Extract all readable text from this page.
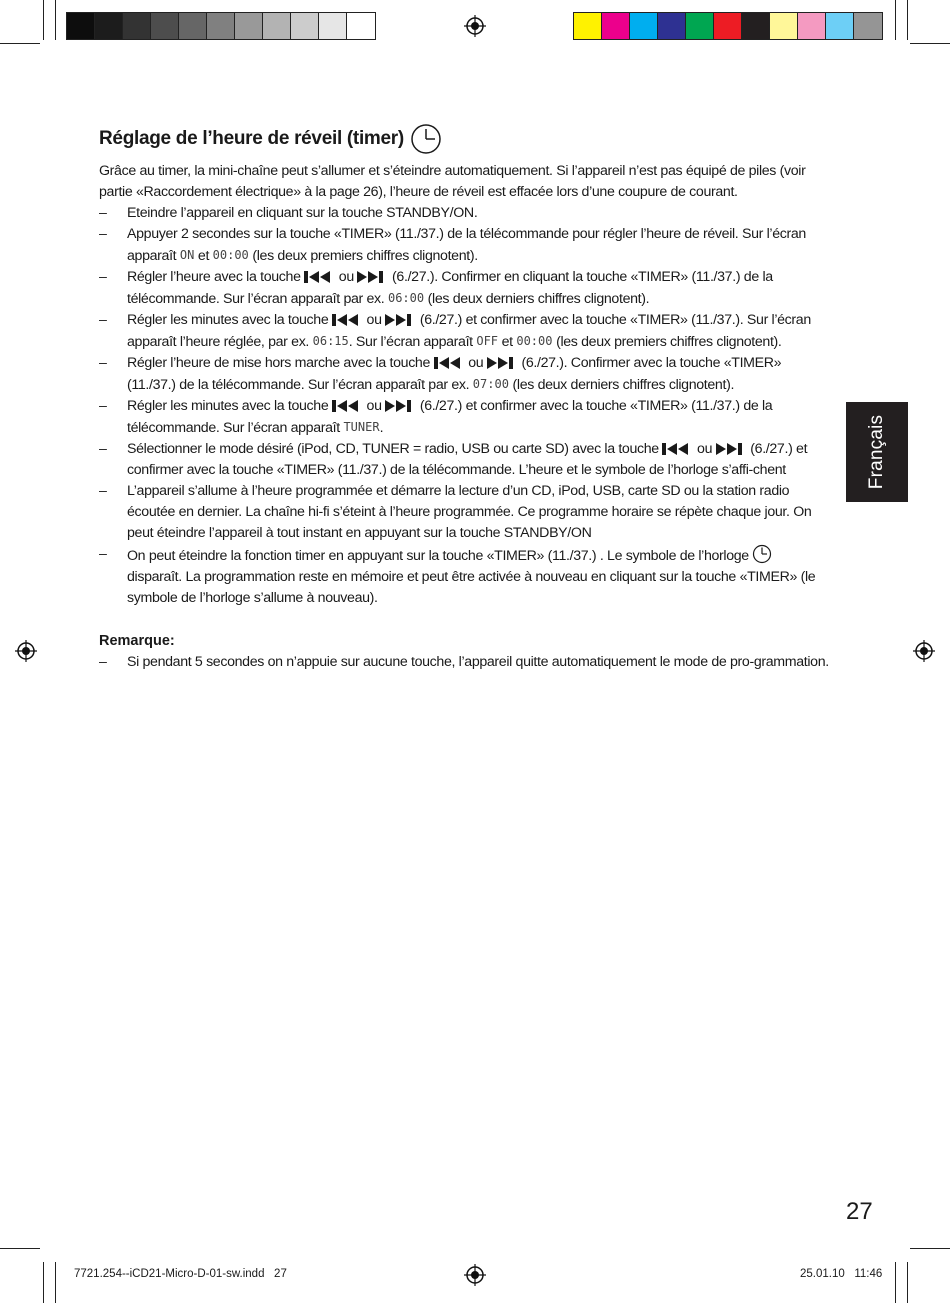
Réglage de l’heure de réveil (timer)

Grâce au timer, la mini-chaîne peut s’allumer et s’éteindre automatiquement. Si l’appareil n’est pas équipé de piles (voir partie «Raccordement électrique» à la page 26), l’heure de réveil est effacée lors d’une coupure de courant.

– Eteindre l’appareil en cliquant sur la touche STANDBY/ON.
– Appuyer 2 secondes sur la touche «TIMER» (11./37.) de la télécommande pour régler l’heure de réveil. Sur l’écran apparaît ON et 00:00 (les deux premiers chiffres clignotent).
– Régler l’heure avec la touche  ou  (6./27.). Confirmer en cliquant la touche «TIMER» (11./37.) de la télécommande. Sur l’écran apparaît par ex. 06:00 (les deux derniers chiffres clignotent).
– Régler les minutes avec la touche  ou  (6./27.) et confirmer avec la touche «TIMER» (11./37.). Sur l’écran apparaît l’heure réglée, par ex. 06:15. Sur l’écran apparaît OFF et 00:00 (les deux premiers chiffres clignotent).
– Régler l’heure de mise hors marche avec la touche  ou  (6./27.). Confirmer avec la touche «TIMER» (11./37.) de la télécommande. Sur l’écran apparaît par ex. 07:00 (les deux derniers chiffres clignotent).
– Régler les minutes avec la touche  ou  (6./27.) et confirmer avec la touche «TIMER» (11./37.) de la télécommande. Sur l’écran apparaît TUNER.
– Sélectionner le mode désiré (iPod, CD, TUNER = radio, USB ou carte SD) avec la touche  ou  (6./27.) et confirmer avec la touche «TIMER» (11./37.) de la télécommande. L’heure et le symbole de l’horloge s’affi-chent
– L’appareil s’allume à l’heure programmée et démarre la lecture d’un CD, iPod, USB, carte SD ou la station radio écoutée en dernier. La chaîne hi-fi s’éteint à l’heure programmée. Ce programme horaire se répète chaque jour. On peut éteindre l’appareil à tout instant en appuyant sur la touche STANDBY/ON
– On peut éteindre la fonction timer en appuyant sur la touche «TIMER» (11./37.) . Le symbole de l’horloge  disparaît. La programmation reste en mémoire et peut être activée à nouveau en cliquant sur la touche «TIMER» (le symbole de l’horloge s’allume à nouveau).
Remarque:
– Si pendant 5 secondes on n’appuie sur aucune touche, l’appareil quitte automatiquement le mode de pro-grammation.
Français
27
7721.254--iCD21-Micro-D-01-sw.indd   27	25.01.10   11:46
